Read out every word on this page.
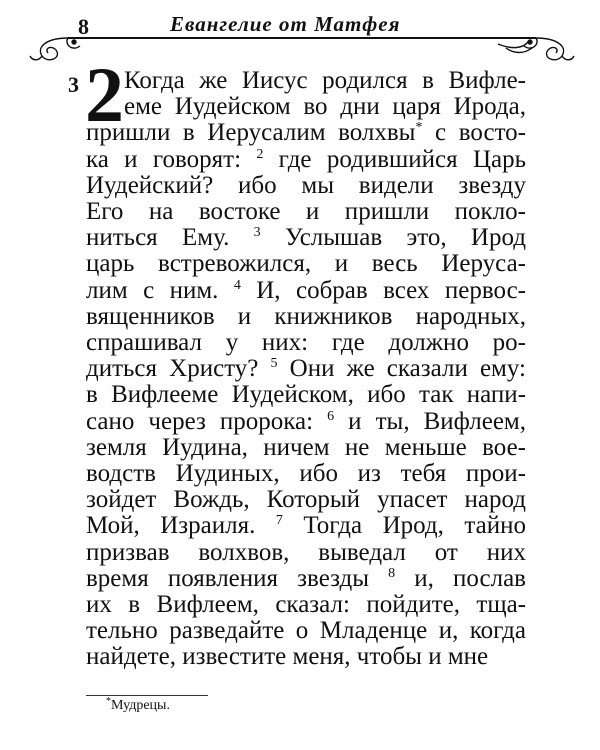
8	Евангелие от Матфея
3 2 Когда же Иисус родился в Вифле-
еме Иудейском во дни царя Ирода,
пришли в Иерусалим волхвы* с восто-
ка и говорят: $^2$ где родившийся Царь
Иудейский? ибо мы видели звезду
Его на востоке и пришли покло-
ниться Ему. $^3$ Услышав это, Ирод
царь встревожился, и весь Иеруса-
лим с ним. $^4$ И, собрав всех первос-
вященников и книжников народных,
спрашивал у них: где должно ро-
диться Христу? $^5$ Они же сказали ему:
в Вифлееме Иудейском, ибо так напи-
сано через пророка: $^6$ и ты, Вифлеем,
земля Иудина, ничем не меньше вое-
водств Иудиных, ибо из тебя прои-
зойдет Вождь, Который упасет народ
Мой, Израиля. $^7$ Тогда Ирод, тайно
призвав волхвов, выведал от них
время появления звезды $^8$ и, послав
их в Вифлеем, сказал: пойдите, тща-
тельно разведайте о Младенце и, когда
найдете, известите меня, чтобы и мне
*Мудрецы.
